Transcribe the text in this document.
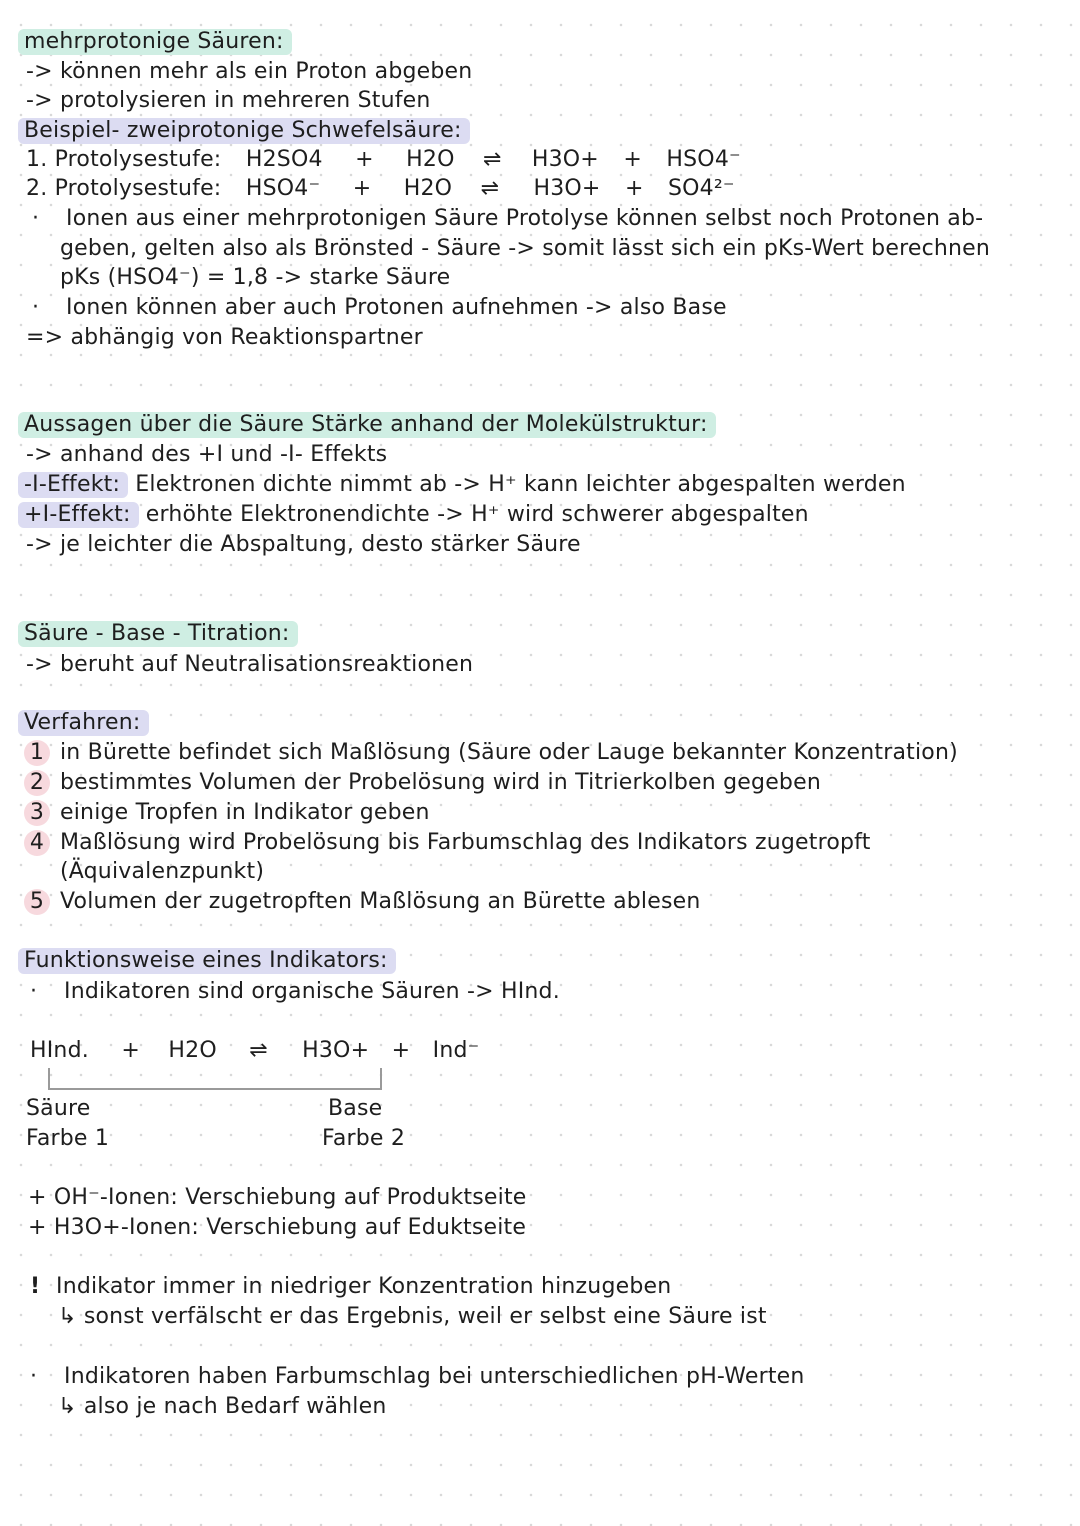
mehrprotonige Säuren:
-> können mehr als ein Proton abgeben
-> protolysieren in mehreren Stufen
Beispiel- zweiprotonige Schwefelsäure:
1. Protolysestufe: H2SO4 + H2O ⇌ H3O+ + HSO4⁻
2. Protolysestufe: HSO4⁻ + H2O ⇌ H3O+ + SO4²⁻
· Ionen aus einer mehrprotonigen Säure Protolyse können selbst noch Protonen ab-
geben, gelten also als Brönsted - Säure -> somit lässt sich ein pKs-Wert berechnen
pKs (HSO4⁻) = 1,8 -> starke Säure
· Ionen können aber auch Protonen aufnehmen -> also Base
=> abhängig von Reaktionspartner
Aussagen über die Säure Stärke anhand der Molekülstruktur:
-> anhand des +I und -I- Effekts
-I-Effekt: Elektronen dichte nimmt ab -> H⁺ kann leichter abgespalten werden
+I-Effekt: erhöhte Elektronendichte -> H⁺ wird schwerer abgespalten
-> je leichter die Abspaltung, desto stärker Säure
Säure - Base - Titration:
-> beruht auf Neutralisationsreaktionen
Verfahren:
1 in Bürette befindet sich Maßlösung (Säure oder Lauge bekannter Konzentration)
2 bestimmtes Volumen der Probelösung wird in Titrierkolben gegeben
3 einige Tropfen in Indikator geben
4 Maßlösung wird Probelösung bis Farbumschlag des Indikators zugetropft
(Äquivalenzpunkt)
5 Volumen der zugetropften Maßlösung an Bürette ablesen
Funktionsweise eines Indikators:
· Indikatoren sind organische Säuren -> HInd.
HInd. + H2O ⇌ H3O+ + Ind⁻
Säure
Farbe 1
Base
Farbe 2
+ OH⁻-Ionen: Verschiebung auf Produktseite
+ H3O+-Ionen: Verschiebung auf Eduktseite
! Indikator immer in niedriger Konzentration hinzugeben
↳ sonst verfälscht er das Ergebnis, weil er selbst eine Säure ist
· Indikatoren haben Farbumschlag bei unterschiedlichen pH-Werten
↳ also je nach Bedarf wählen
